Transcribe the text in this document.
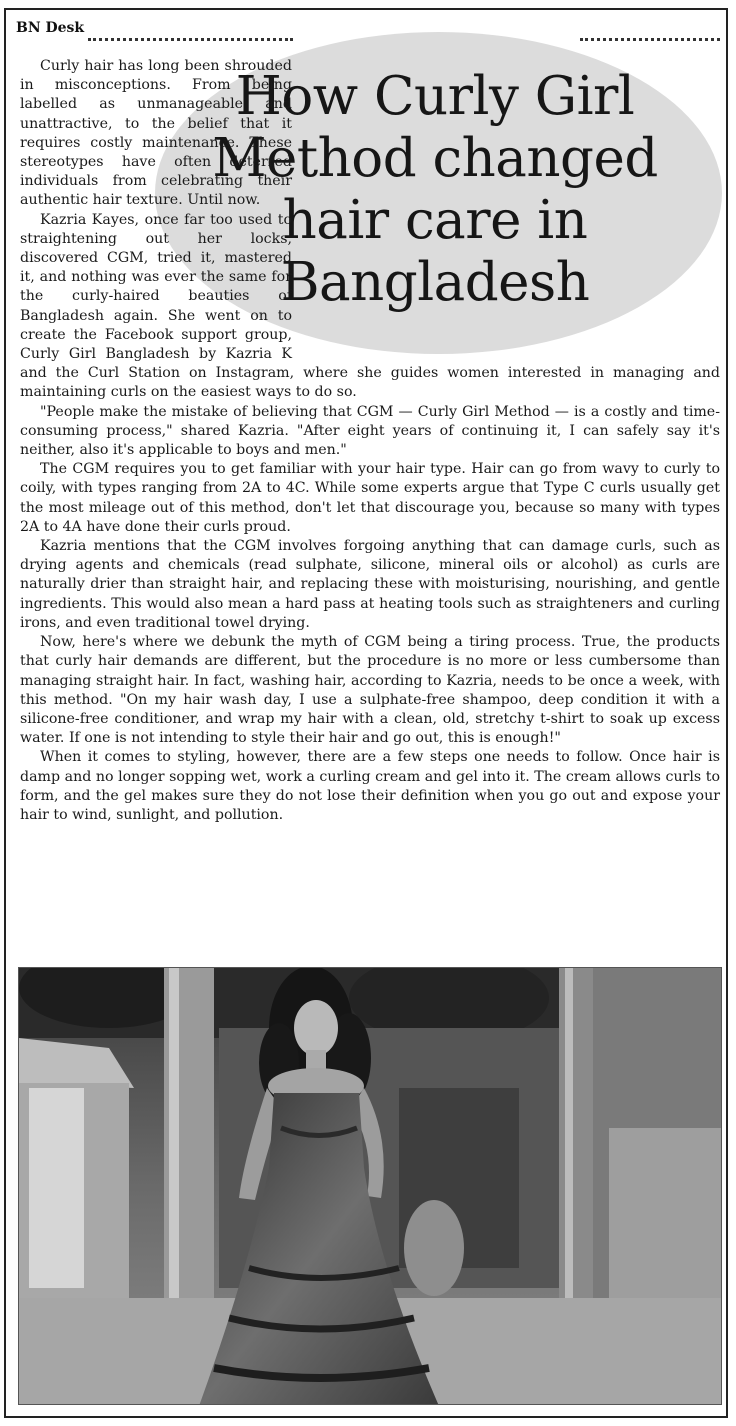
BN Desk
How Curly Girl Method changed hair care in Bangladesh

Curly hair has long been shrouded in misconceptions. From being labelled as unmanageable and unattractive, to the belief that it requires costly maintenance. These stereotypes have often deterred individuals from celebrating their authentic hair texture. Until now.

Kazria Kayes, once far too used to straightening out her locks, discovered CGM, tried it, mastered it, and nothing was ever the same for the curly-haired beauties of Bangladesh again. She went on to create the Facebook support group, Curly Girl Bangladesh by Kazria K and the Curl Station on Instagram, where she guides women interested in managing and maintaining curls on the easiest ways to do so.

"People make the mistake of believing that CGM — Curly Girl Method — is a costly and time-consuming process," shared Kazria. "After eight years of continuing it, I can safely say it's neither, also it's applicable to boys and men."

The CGM requires you to get familiar with your hair type. Hair can go from wavy to curly to coily, with types ranging from 2A to 4C. While some experts argue that Type C curls usually get the most mileage out of this method, don't let that discourage you, because so many with types 2A to 4A have done their curls proud.

Kazria mentions that the CGM involves forgoing anything that can damage curls, such as drying agents and chemicals (read sulphate, silicone, mineral oils or alcohol) as curls are naturally drier than straight hair, and replacing these with moisturising, nourishing, and gentle ingredients. This would also mean a hard pass at heating tools such as straighteners and curling irons, and even traditional towel drying.

Now, here's where we debunk the myth of CGM being a tiring process. True, the products that curly hair demands are different, but the procedure is no more or less cumbersome than managing straight hair. In fact, washing hair, according to Kazria, needs to be once a week, with this method. "On my hair wash day, I use a sulphate-free shampoo, deep condition it with a silicone-free conditioner, and wrap my hair with a clean, old, stretchy t-shirt to soak up excess water. If one is not intending to style their hair and go out, this is enough!"

When it comes to styling, however, there are a few steps one needs to follow. Once hair is damp and no longer sopping wet, work a curling cream and gel into it. The cream allows curls to form, and the gel makes sure they do not lose their definition when you go out and expose your hair to wind, sunlight, and pollution.
